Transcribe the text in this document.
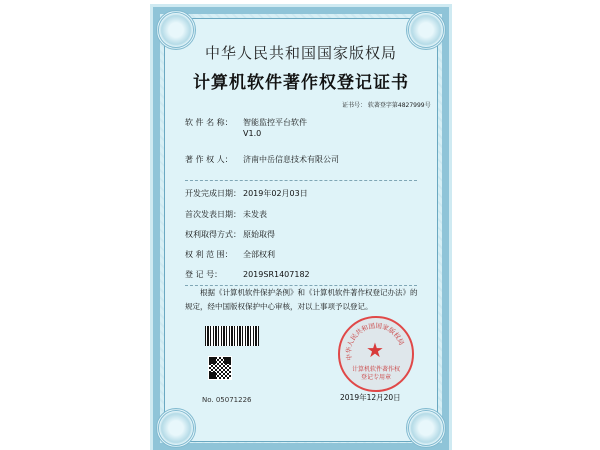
中华人民共和国国家版权局
计算机软件著作权登记证书
证书号： 软著登字第4827999号
软 件 名 称： 智能监控平台软件
V1.0
著 作 权 人： 济南中岳信息技术有限公司
开发完成日期： 2019年02月03日
首次发表日期： 未发表
权利取得方式： 原始取得
权 利 范 围： 全部权利
登 记 号：	2019SR1407182
根据《计算机软件保护条例》和《计算机软件著作权登记办法》的规定，经中国版权保护中心审核，对以上事项予以登记。
No. 05071226
中华人民共和国国家版权局
★
计算机软件著作权
登记专用章
2019年12月20日
